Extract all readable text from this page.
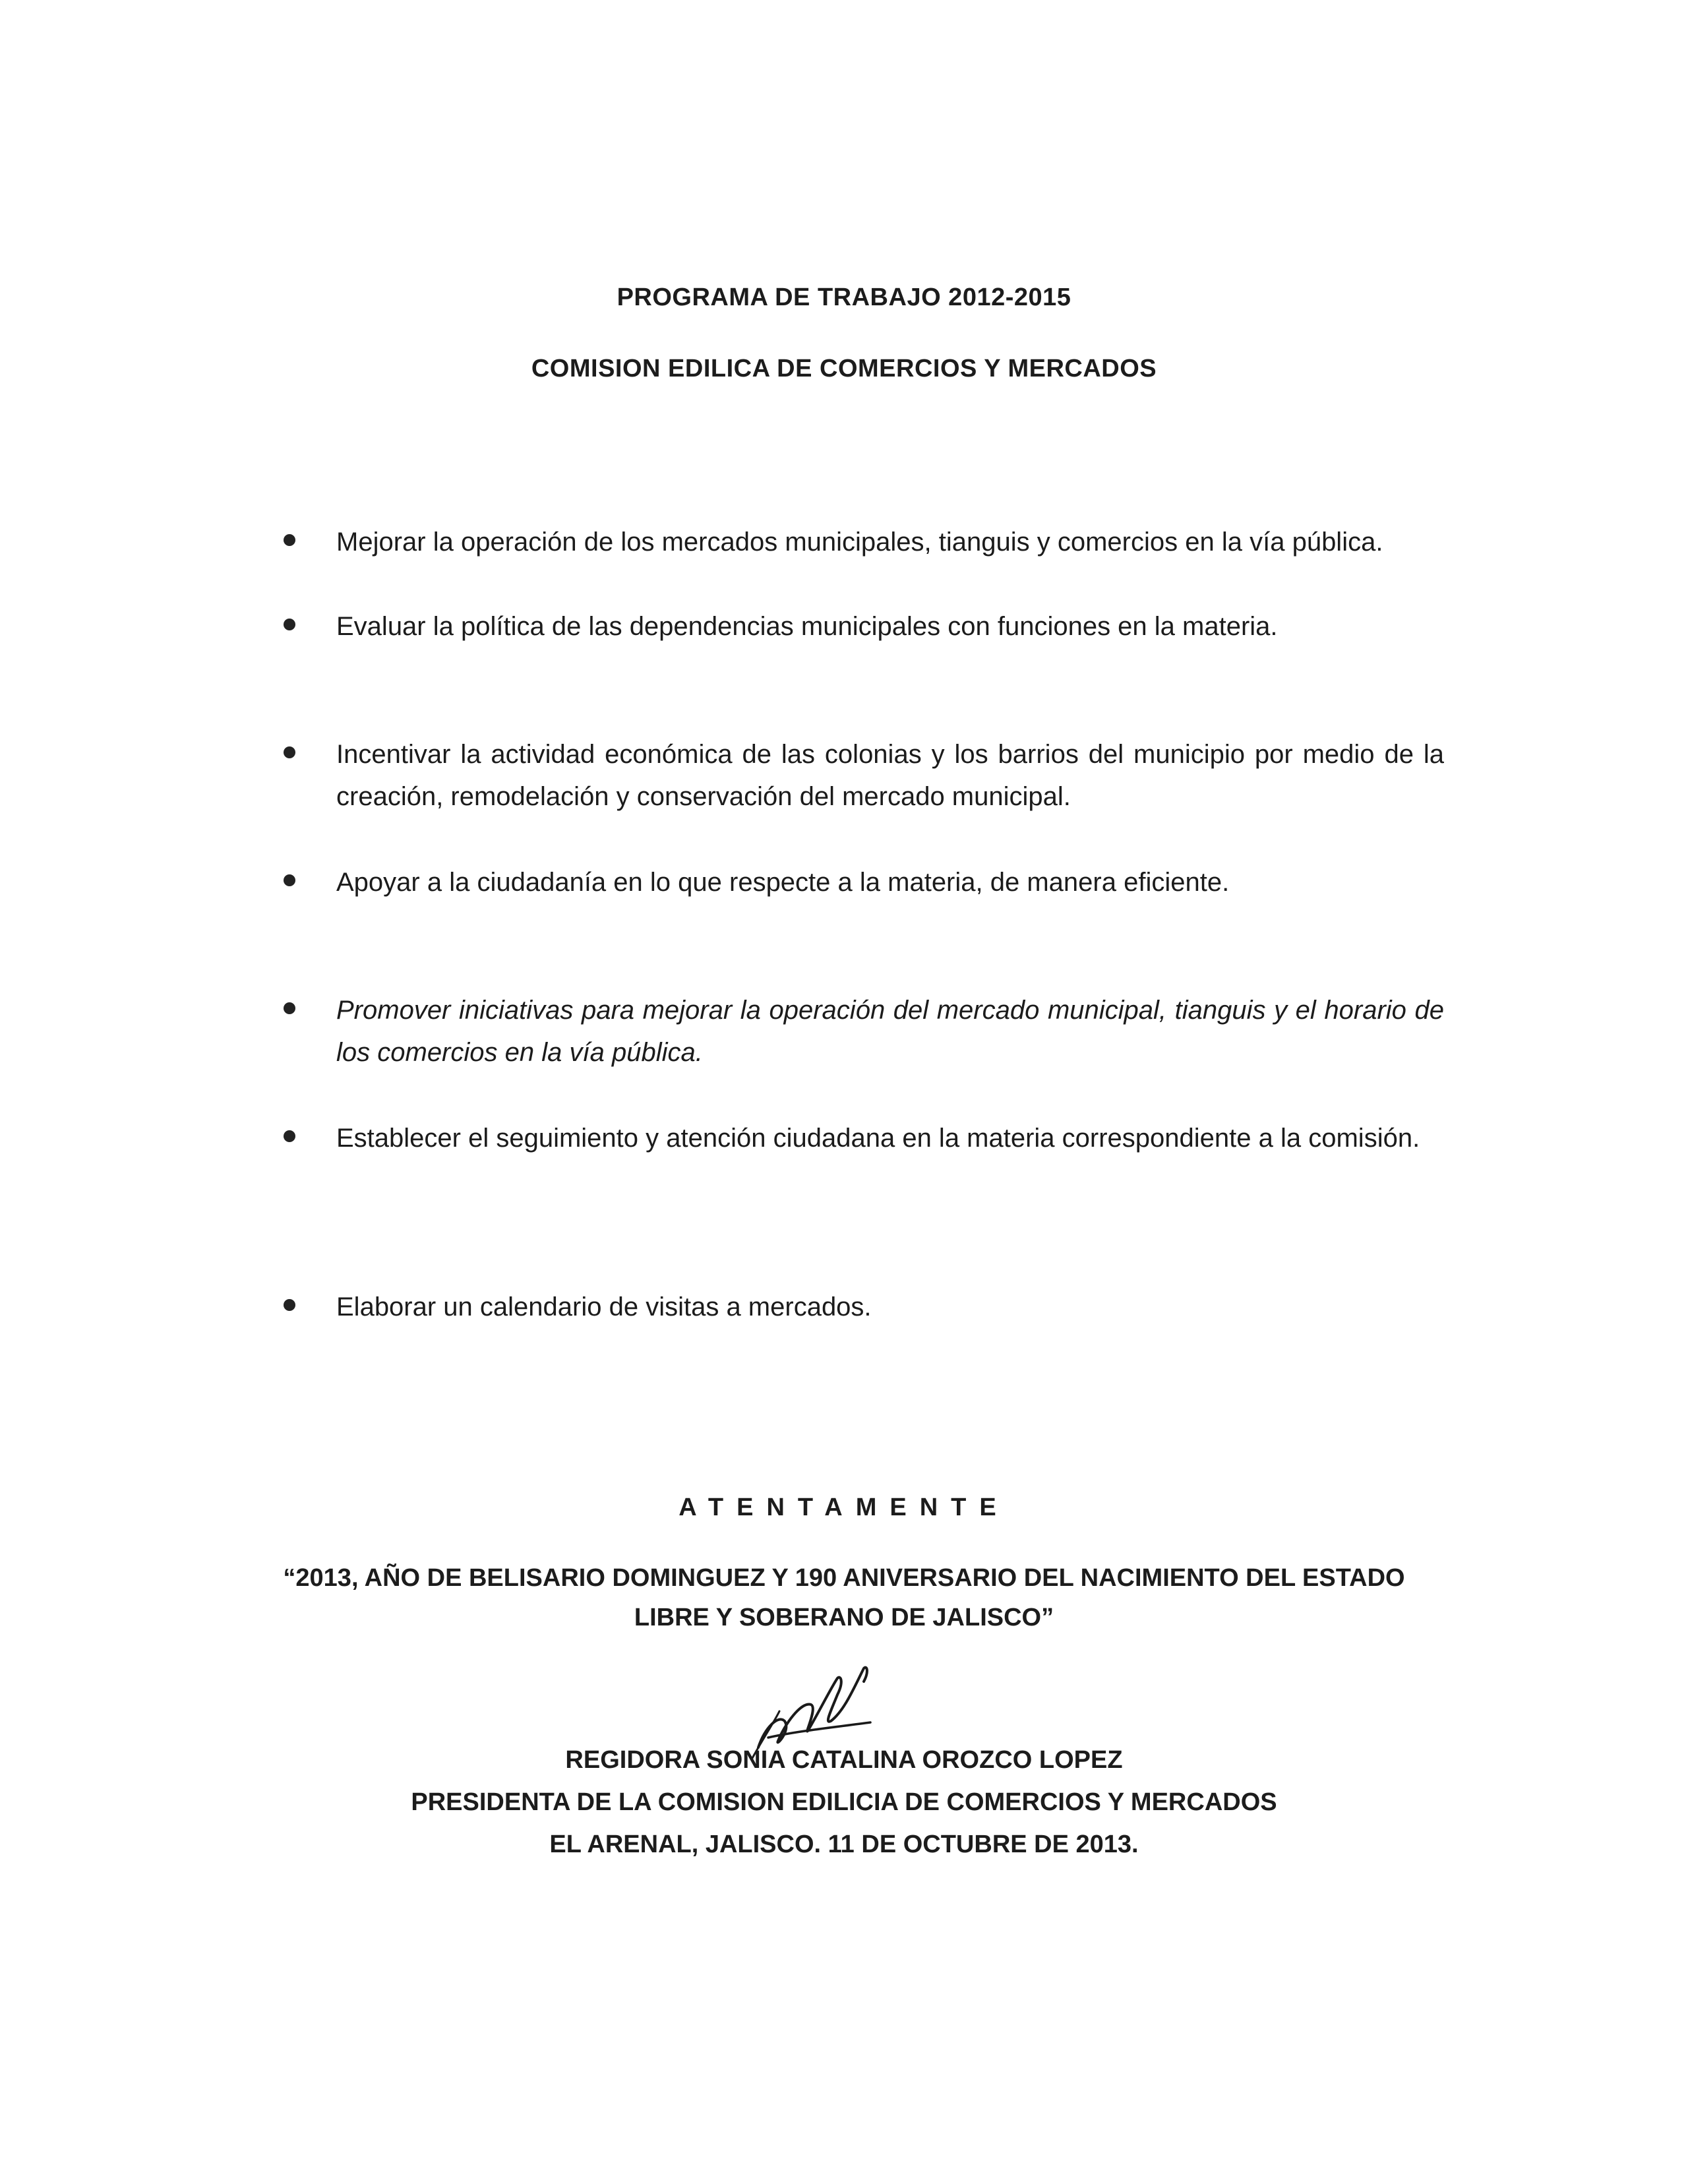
PROGRAMA DE TRABAJO 2012-2015
COMISION EDILICA DE COMERCIOS Y MERCADOS
Mejorar la operación de los mercados municipales, tianguis y comercios en la vía pública.
Evaluar la política de las dependencias municipales con funciones en la materia.
Incentivar la actividad económica de las colonias y los barrios del municipio por medio de la creación, remodelación y conservación del mercado municipal.
Apoyar a la ciudadanía en lo que respecte a la materia, de manera eficiente.
Promover iniciativas para mejorar la operación del mercado municipal, tianguis y el horario de los comercios en la vía pública.
Establecer el seguimiento y atención ciudadana en la materia correspondiente a la comisión.
Elaborar un calendario de visitas a mercados.
ATENTAMENTE
“2013, AÑO DE BELISARIO DOMINGUEZ Y 190 ANIVERSARIO DEL NACIMIENTO DEL ESTADO
LIBRE Y SOBERANO DE JALISCO”
REGIDORA SONIA CATALINA OROZCO LOPEZ
PRESIDENTA DE LA COMISION EDILICIA DE COMERCIOS Y MERCADOS
EL ARENAL, JALISCO. 11 DE OCTUBRE DE 2013.
